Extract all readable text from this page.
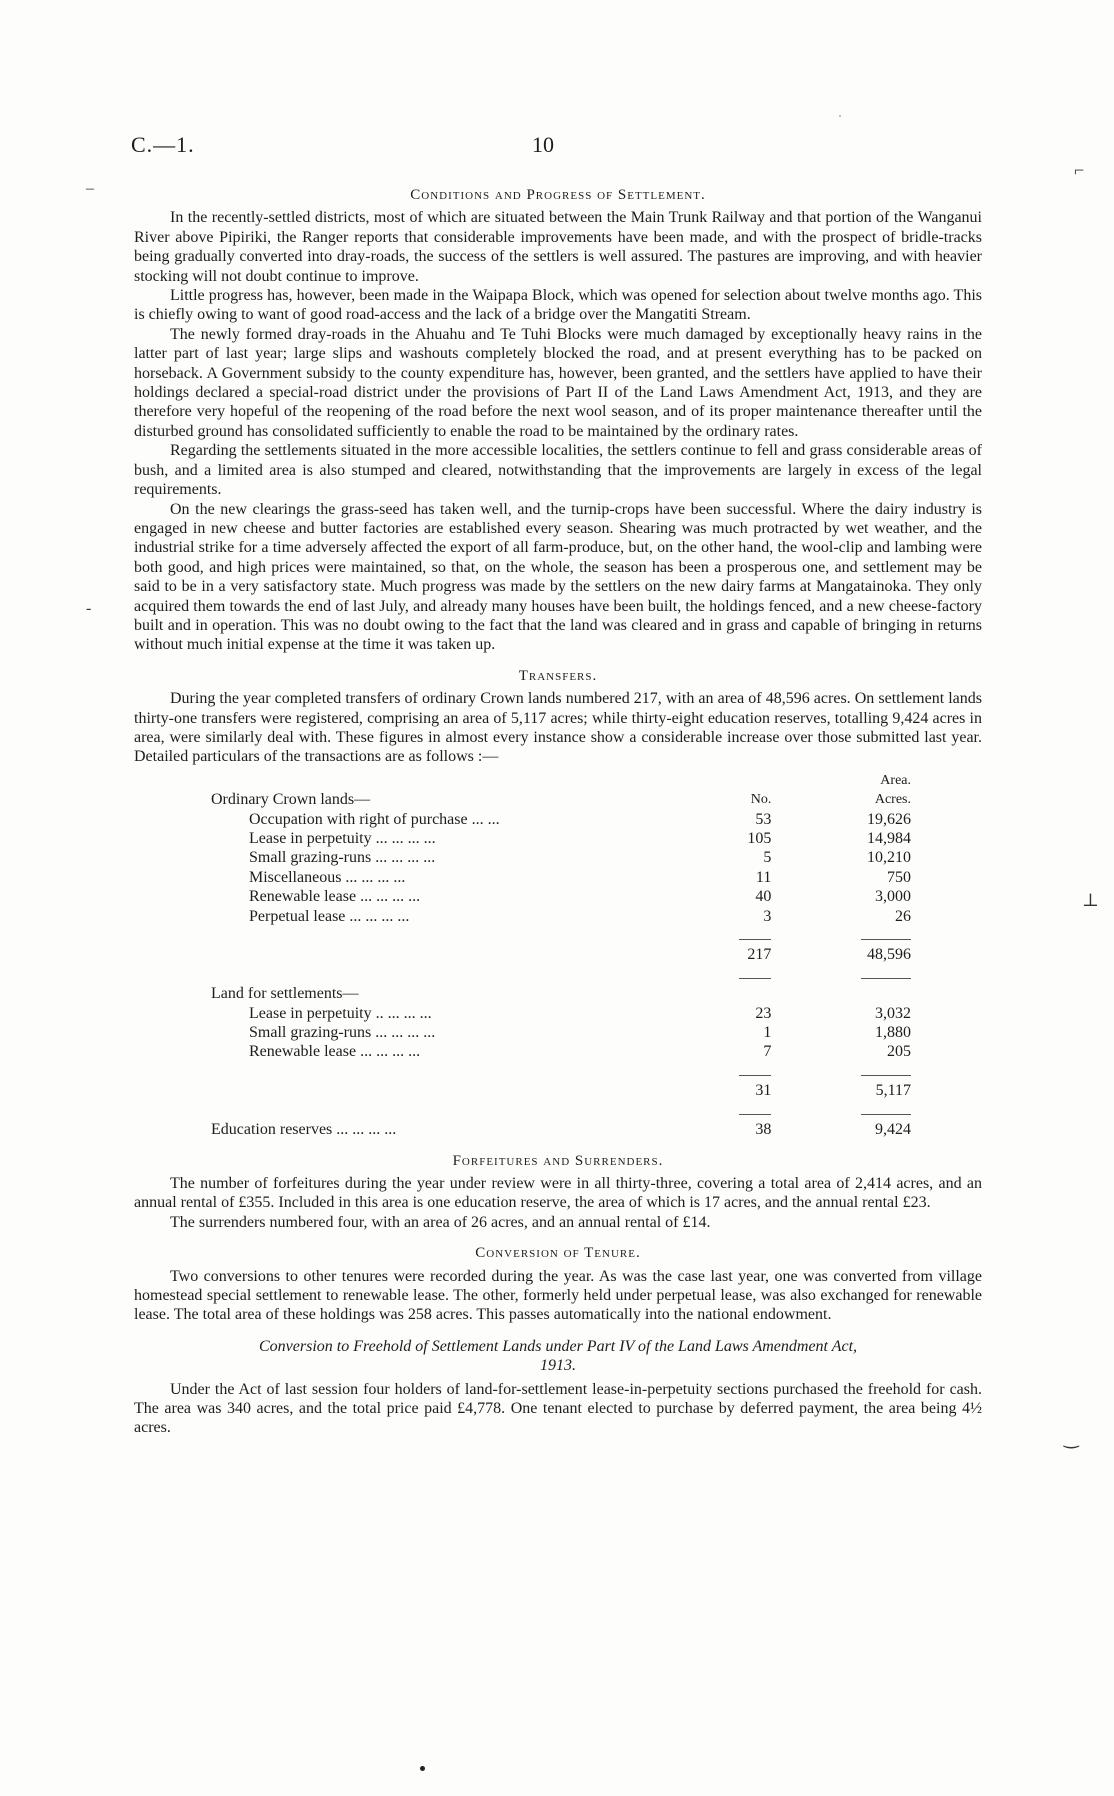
C.—1.	10
˙
⌐
–
‐
⊥
‿
Conditions and Progress of Settlement.

In the recently-settled districts, most of which are situated between the Main Trunk Railway and that portion of the Wanganui River above Pipiriki, the Ranger reports that considerable improvements have been made, and with the prospect of bridle-tracks being gradually converted into dray-roads, the success of the settlers is well assured. The pastures are improving, and with heavier stocking will not doubt continue to improve.

Little progress has, however, been made in the Waipapa Block, which was opened for selection about twelve months ago. This is chiefly owing to want of good road-access and the lack of a bridge over the Mangatiti Stream.

The newly formed dray-roads in the Ahuahu and Te Tuhi Blocks were much damaged by exceptionally heavy rains in the latter part of last year; large slips and washouts completely blocked the road, and at present everything has to be packed on horseback. A Government subsidy to the county expenditure has, however, been granted, and the settlers have applied to have their holdings declared a special-road district under the provisions of Part II of the Land Laws Amendment Act, 1913, and they are therefore very hopeful of the reopening of the road before the next wool season, and of its proper maintenance thereafter until the disturbed ground has consolidated sufficiently to enable the road to be maintained by the ordinary rates.

Regarding the settlements situated in the more accessible localities, the settlers continue to fell and grass considerable areas of bush, and a limited area is also stumped and cleared, notwithstanding that the improvements are largely in excess of the legal requirements.

On the new clearings the grass-seed has taken well, and the turnip-crops have been successful. Where the dairy industry is engaged in new cheese and butter factories are established every season. Shearing was much protracted by wet weather, and the industrial strike for a time adversely affected the export of all farm-produce, but, on the other hand, the wool-clip and lambing were both good, and high prices were maintained, so that, on the whole, the season has been a prosperous one, and settlement may be said to be in a very satisfactory state. Much progress was made by the settlers on the new dairy farms at Mangatainoka. They only acquired them towards the end of last July, and already many houses have been built, the holdings fenced, and a new cheese-factory built and in operation. This was no doubt owing to the fact that the land was cleared and in grass and capable of bringing in returns without much initial expense at the time it was taken up.

Transfers.

During the year completed transfers of ordinary Crown lands numbered 217, with an area of 48,596 acres. On settlement lands thirty-one transfers were registered, comprising an area of 5,117 acres; while thirty-eight education reserves, totalling 9,424 acres in area, were similarly deal with. These figures in almost every instance show a considerable increase over those submitted last year. Detailed particulars of the transactions are as follows :—

Ordinary Crown lands—	No.	Area.
Acres.
Occupation with right of purchase ... ...	53	19,626
Lease in perpetuity ... ... ... ...	105	14,984
Small grazing-runs ... ... ... ...	5	10,210
Miscellaneous ... ... ... ...	11	750
Renewable lease ... ... ... ...	40	3,000
Perpetual lease ... ... ... ...	3	26

	217	48,596

Land for settlements—		
Lease in perpetuity .. ... ... ...	23	3,032
Small grazing-runs ... ... ... ...	1	1,880
Renewable lease ... ... ... ...	7	205

	31	5,117

Education reserves ... ... ... ...	38	9,424
Forfeitures and Surrenders.

The number of forfeitures during the year under review were in all thirty-three, covering a total area of 2,414 acres, and an annual rental of £355. Included in this area is one education reserve, the area of which is 17 acres, and the annual rental £23.

The surrenders numbered four, with an area of 26 acres, and an annual rental of £14.

Conversion of Tenure.

Two conversions to other tenures were recorded during the year. As was the case last year, one was converted from village homestead special settlement to renewable lease. The other, formerly held under perpetual lease, was also exchanged for renewable lease. The total area of these holdings was 258 acres. This passes automatically into the national endowment.

Conversion to Freehold of Settlement Lands under Part IV of the Land Laws Amendment Act,
1913.

Under the Act of last session four holders of land-for-settlement lease-in-perpetuity sections purchased the freehold for cash. The area was 340 acres, and the total price paid £4,778. One tenant elected to purchase by deferred payment, the area being 4½ acres.
